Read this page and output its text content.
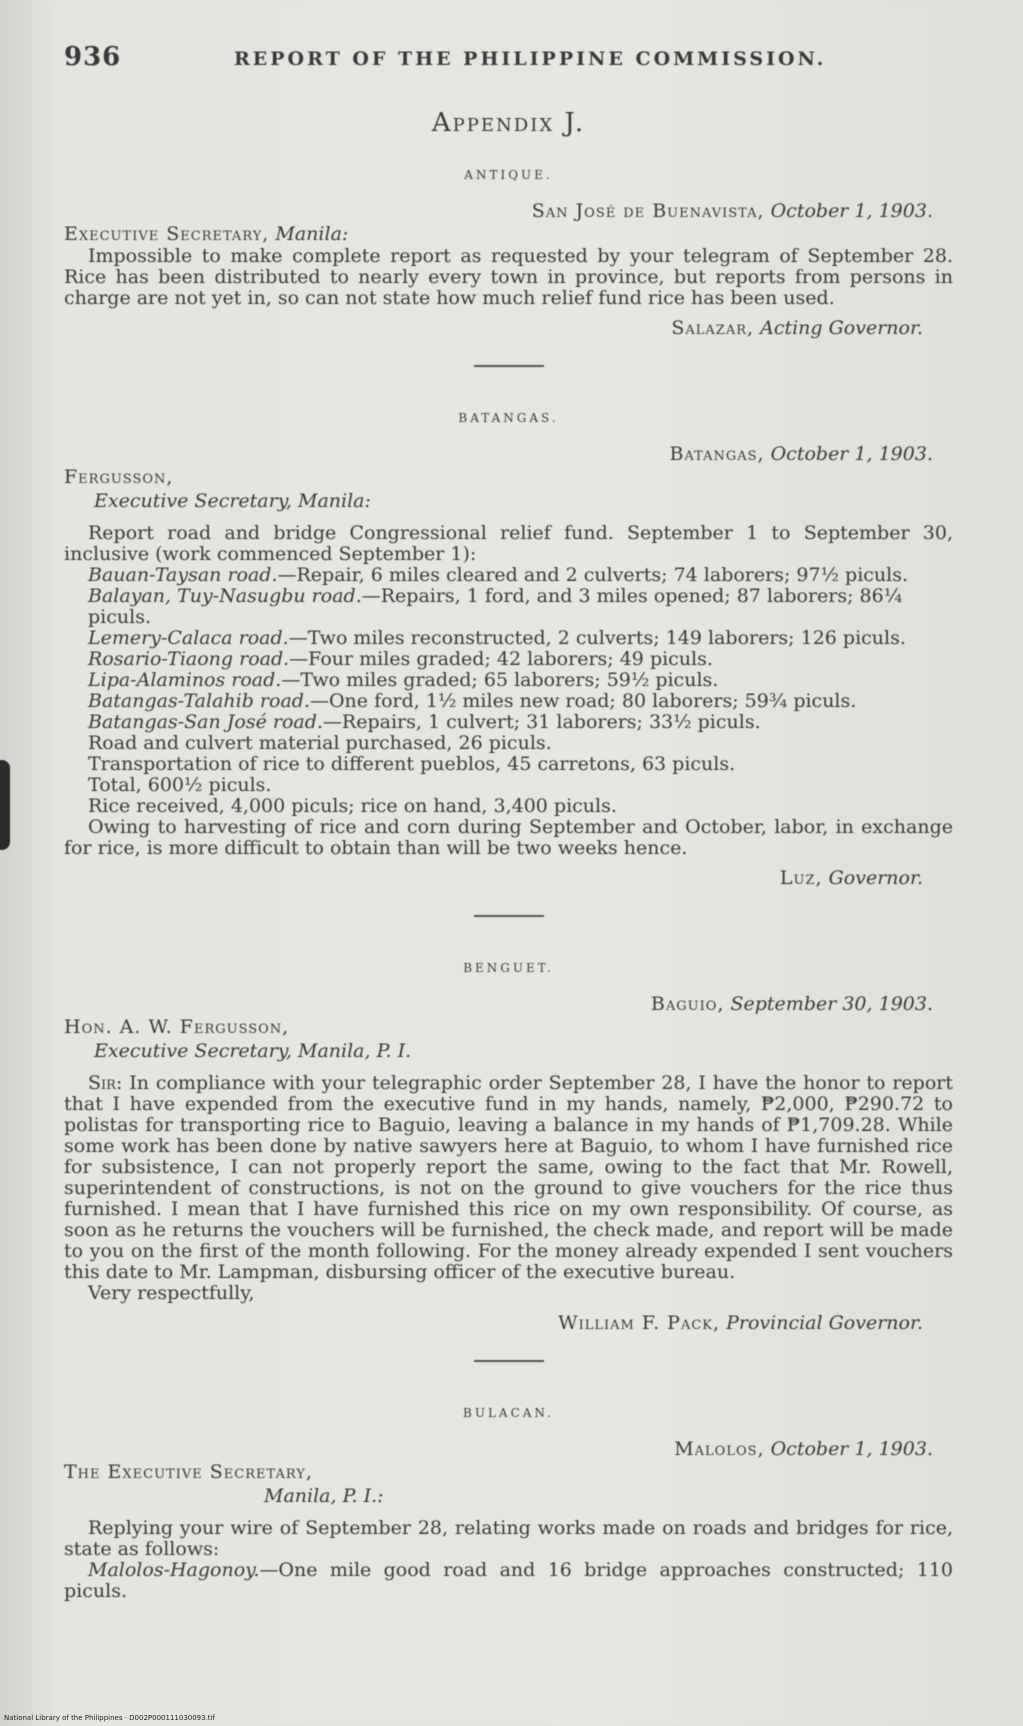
936	REPORT OF THE PHILIPPINE COMMISSION.
Appendix J.
ANTIQUE.
San José de Buenavista, October 1, 1903.
Executive Secretary, Manila:

Impossible to make complete report as requested by your telegram of September 28. Rice has been distributed to nearly every town in province, but reports from persons in charge are not yet in, so can not state how much relief fund rice has been used.

Salazar, Acting Governor.
BATANGAS.
Batangas, October 1, 1903.
Fergusson,
Executive Secretary, Manila:

Report road and bridge Congressional relief fund. September 1 to September 30, inclusive (work commenced September 1):

Bauan-Taysan road.—Repair, 6 miles cleared and 2 culverts; 74 laborers; 97½ piculs.
Balayan, Tuy-Nasugbu road.—Repairs, 1 ford, and 3 miles opened; 87 laborers; 86¼ piculs.
Lemery-Calaca road.—Two miles reconstructed, 2 culverts; 149 laborers; 126 piculs.
Rosario-Tiaong road.—Four miles graded; 42 laborers; 49 piculs.
Lipa-Alaminos road.—Two miles graded; 65 laborers; 59½ piculs.
Batangas-Talahib road.—One ford, 1½ miles new road; 80 laborers; 59¾ piculs.
Batangas-San José road.—Repairs, 1 culvert; 31 laborers; 33½ piculs.
Road and culvert material purchased, 26 piculs.
Transportation of rice to different pueblos, 45 carretons, 63 piculs.
Total, 600½ piculs.
Rice received, 4,000 piculs; rice on hand, 3,400 piculs.

Owing to harvesting of rice and corn during September and October, labor, in exchange for rice, is more difficult to obtain than will be two weeks hence.

Luz, Governor.
BENGUET.
Baguio, September 30, 1903.
Hon. A. W. Fergusson,
Executive Secretary, Manila, P. I.

Sir: In compliance with your telegraphic order September 28, I have the honor to report that I have expended from the executive fund in my hands, namely, ₱2,000, ₱290.72 to polistas for transporting rice to Baguio, leaving a balance in my hands of ₱1,709.28. While some work has been done by native sawyers here at Baguio, to whom I have furnished rice for subsistence, I can not properly report the same, owing to the fact that Mr. Rowell, superintendent of constructions, is not on the ground to give vouchers for the rice thus furnished. I mean that I have furnished this rice on my own responsibility. Of course, as soon as he returns the vouchers will be furnished, the check made, and report will be made to you on the first of the month following. For the money already expended I sent vouchers this date to Mr. Lampman, disbursing officer of the executive bureau.

Very respectfully,

William F. Pack, Provincial Governor.
BULACAN.
Malolos, October 1, 1903.
The Executive Secretary,
Manila, P. I.:

Replying your wire of September 28, relating works made on roads and bridges for rice, state as follows:

Malolos-Hagonoy.—One mile good road and 16 bridge approaches constructed; 110 piculs.

National Library of the Philippines · D002P000111030093.tif
